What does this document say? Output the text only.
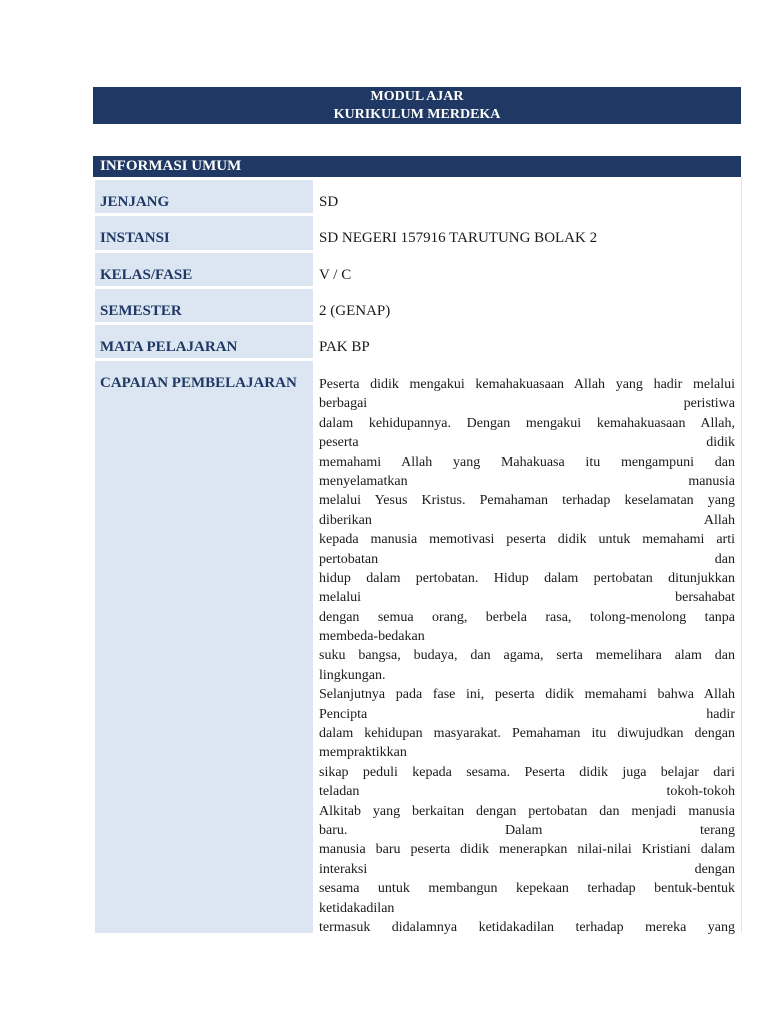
MODUL AJAR
KURIKULUM MERDEKA
INFORMASI UMUM
JENJANG	SD
INSTANSI	SD NEGERI 157916 TARUTUNG BOLAK 2
KELAS/FASE	V / C
SEMESTER	2 (GENAP)
MATA PELAJARAN	PAK BP
CAPAIAN PEMBELAJARAN	Peserta didik mengakui kemahakuasaan Allah yang hadir melalui
berbagai peristiwa
dalam kehidupannya. Dengan mengakui kemahakuasaan Allah,
peserta didik
memahami Allah yang Mahakuasa itu mengampuni dan
menyelamatkan manusia
melalui Yesus Kristus. Pemahaman terhadap keselamatan yang
diberikan Allah
kepada manusia memotivasi peserta didik untuk memahami arti
pertobatan dan
hidup dalam pertobatan. Hidup dalam pertobatan ditunjukkan
melalui bersahabat
dengan semua orang, berbela rasa, tolong-menolong tanpa
membeda-bedakan
suku bangsa, budaya, dan agama, serta memelihara alam dan
lingkungan.
Selanjutnya pada fase ini, peserta didik memahami bahwa Allah
Pencipta hadir
dalam kehidupan masyarakat. Pemahaman itu diwujudkan dengan
mempraktikkan
sikap peduli kepada sesama. Peserta didik juga belajar dari
teladan tokoh-tokoh
Alkitab yang berkaitan dengan pertobatan dan menjadi manusia
baru. Dalam terang
manusia baru peserta didik menerapkan nilai-nilai Kristiani dalam
interaksi dengan
sesama untuk membangun kepekaan terhadap bentuk-bentuk
ketidakadilan
termasuk didalamnya ketidakadilan terhadap mereka yang
